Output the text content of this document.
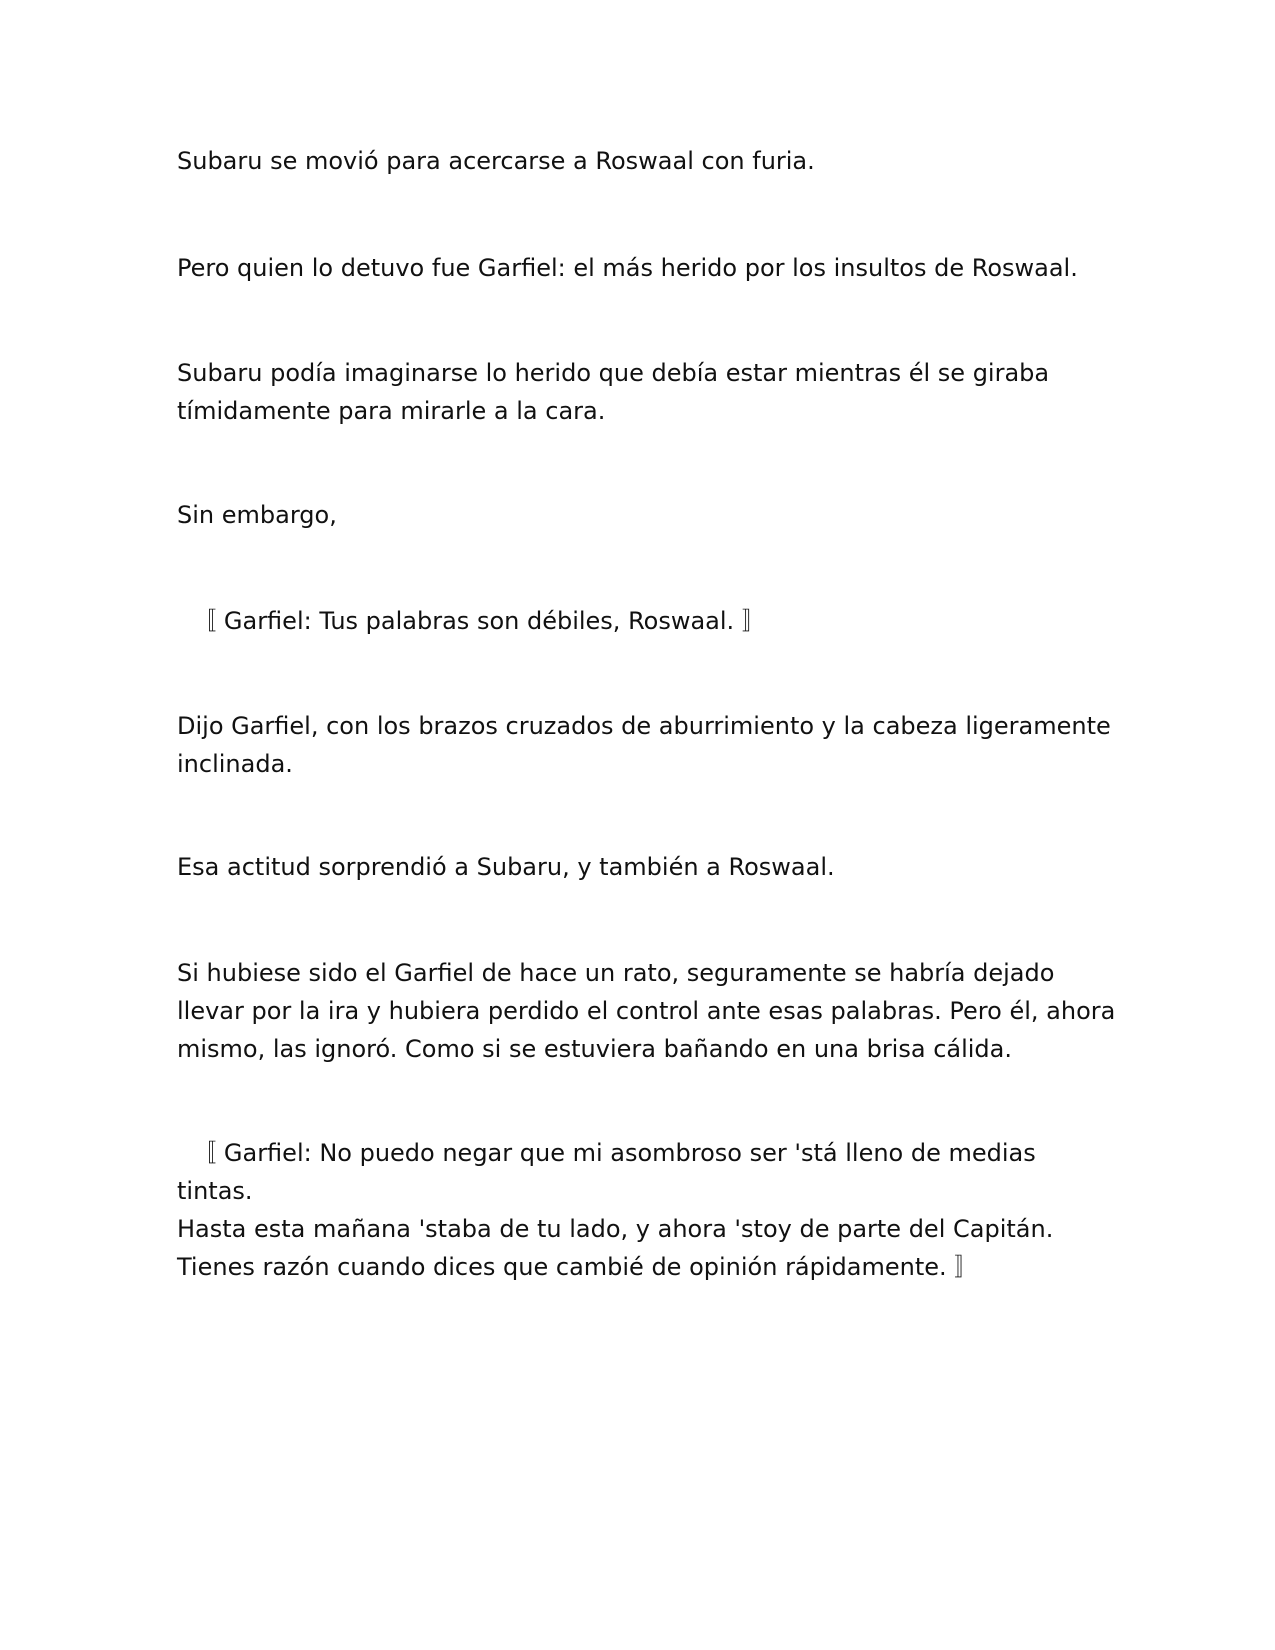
Subaru se movió para acercarse a Roswaal con furia.

Pero quien lo detuvo fue Garfiel: el más herido por los insultos de Roswaal.

Subaru podía imaginarse lo herido que debía estar mientras él se giraba
tímidamente para mirarle a la cara.

Sin embargo,

〚 Garfiel: Tus palabras son débiles, Roswaal. 〛

Dijo Garfiel, con los brazos cruzados de aburrimiento y la cabeza ligeramente
inclinada.

Esa actitud sorprendió a Subaru, y también a Roswaal.

Si hubiese sido el Garfiel de hace un rato, seguramente se habría dejado
llevar por la ira y hubiera perdido el control ante esas palabras. Pero él, ahora
mismo, las ignoró. Como si se estuviera bañando en una brisa cálida.

〚 Garfiel: No puedo negar que mi asombroso ser 'stá lleno de medias tintas.
Hasta esta mañana 'staba de tu lado, y ahora 'stoy de parte del Capitán.
Tienes razón cuando dices que cambié de opinión rápidamente. 〛
